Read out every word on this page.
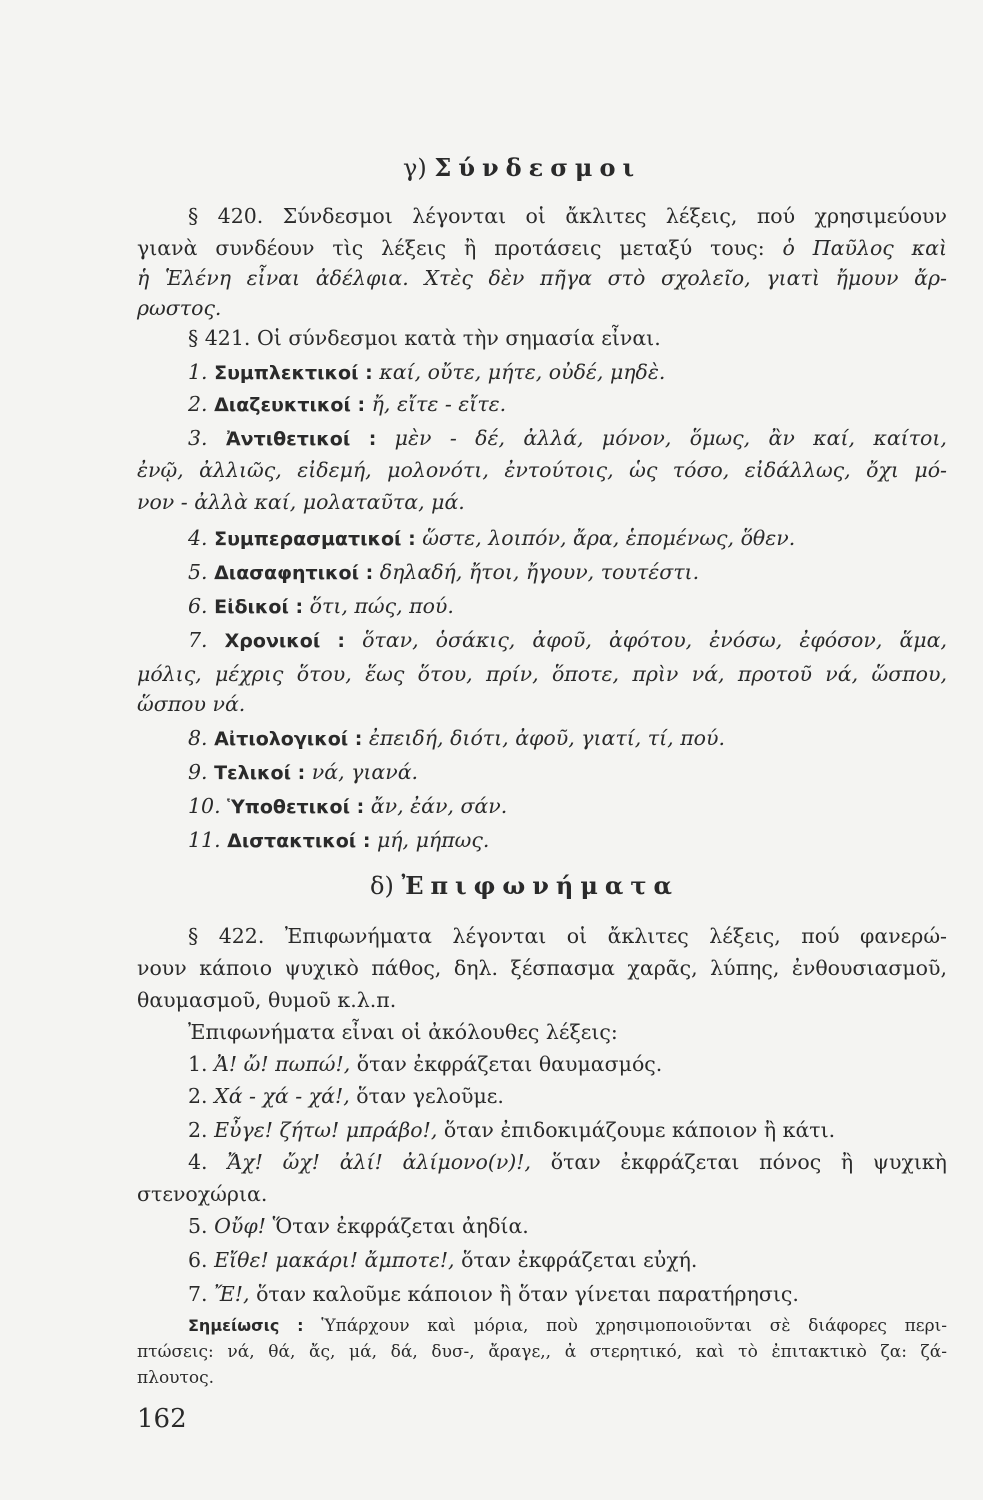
γ) Σύνδεσμοι
§ 420. Σύνδεσμοι λέγονται οἱ ἄκλιτες λέξεις, πού χρησιμεύουν
γιανὰ συνδέουν τὶς λέξεις ἢ προτάσεις μεταξύ τους: ὁ Παῦλος καὶ
ἡ Ἑλένη εἶναι ἀδέλφια. Χτὲς δὲν πῆγα στὸ σχολεῖο, γιατὶ ἤμουν ἄρ-
ρωστος.
§ 421. Οἱ σύνδεσμοι κατὰ τὴν σημασία εἶναι.
1. Συμπλεκτικοί : καί, οὔτε, μήτε, οὐδέ, μηδὲ.
2. Διαζευκτικοί : ἤ, εἴτε - εἴτε.
3. Ἀντιθετικοί : μὲν - δέ, ἀλλά, μόνον, ὅμως, ἂν καί, καίτοι,
ἐνῷ, ἀλλιῶς, εἰδεμή, μολονότι, ἐντούτοις, ὡς τόσο, εἰδάλλως, ὄχι μό-
νον - ἀλλὰ καί, μολαταῦτα, μά.
4. Συμπερασματικοί : ὥστε, λοιπόν, ἄρα, ἑπομένως, ὅθεν.
5. Διασαφητικοί : δηλαδή, ἤτοι, ἤγουν, τουτέστι.
6. Εἰδικοί : ὅτι, πώς, πού.
7. Χρονικοί : ὅταν, ὁσάκις, ἀφοῦ, ἀφότου, ἐνόσω, ἐφόσον, ἅμα,
μόλις, μέχρις ὅτου, ἕως ὅτου, πρίν, ὅποτε, πρὶν νά, προτοῦ νά, ὥσπου,
ὥσπου νά.
8. Αἰτιολογικοί : ἐπειδή, διότι, ἀφοῦ, γιατί, τί, πού.
9. Τελικοί : νά, γιανά.
10. Ὑποθετικοί : ἄν, ἐάν, σάν.
11. Διστακτικοί : μή, μήπως.
δ) Ἐπιφωνήματα
§ 422. Ἐπιφωνήματα λέγονται οἱ ἄκλιτες λέξεις, πού φανερώ-
νουν κάποιο ψυχικὸ πάθος, δηλ. ξέσπασμα χαρᾶς, λύπης, ἐνθουσιασμοῦ,
θαυμασμοῦ, θυμοῦ κ.λ.π.
Ἐπιφωνήματα εἶναι οἱ ἀκόλουθες λέξεις:
1. Ἀ! ὤ! πωπώ!, ὅταν ἐκφράζεται θαυμασμός.
2. Χά - χά - χά!, ὅταν γελοῦμε.
2. Εὖγε! ζήτω! μπράβο!, ὅταν ἐπιδοκιμάζουμε κάποιον ἢ κάτι.
4. Ἄχ! ὤχ! ἀλί! ἀλίμονο(ν)!, ὅταν ἐκφράζεται πόνος ἢ ψυχικὴ
στενοχώρια.
5. Οὔφ! Ὅταν ἐκφράζεται ἀηδία.
6. Εἴθε! μακάρι! ἄμποτε!, ὅταν ἐκφράζεται εὐχή.
7. Ἔ!, ὅταν καλοῦμε κάποιον ἢ ὅταν γίνεται παρατήρησις.
Σημείωσις : Ὑπάρχουν καὶ μόρια, ποὺ χρησιμοποιοῦνται σὲ διάφορες περι-
πτώσεις: νά, θά, ἄς, μά, δά, δυσ-, ἄραγε,, ἀ στερητικό, καὶ τὸ ἐπιτακτικὸ ζα: ζά-
πλουτος.
162
